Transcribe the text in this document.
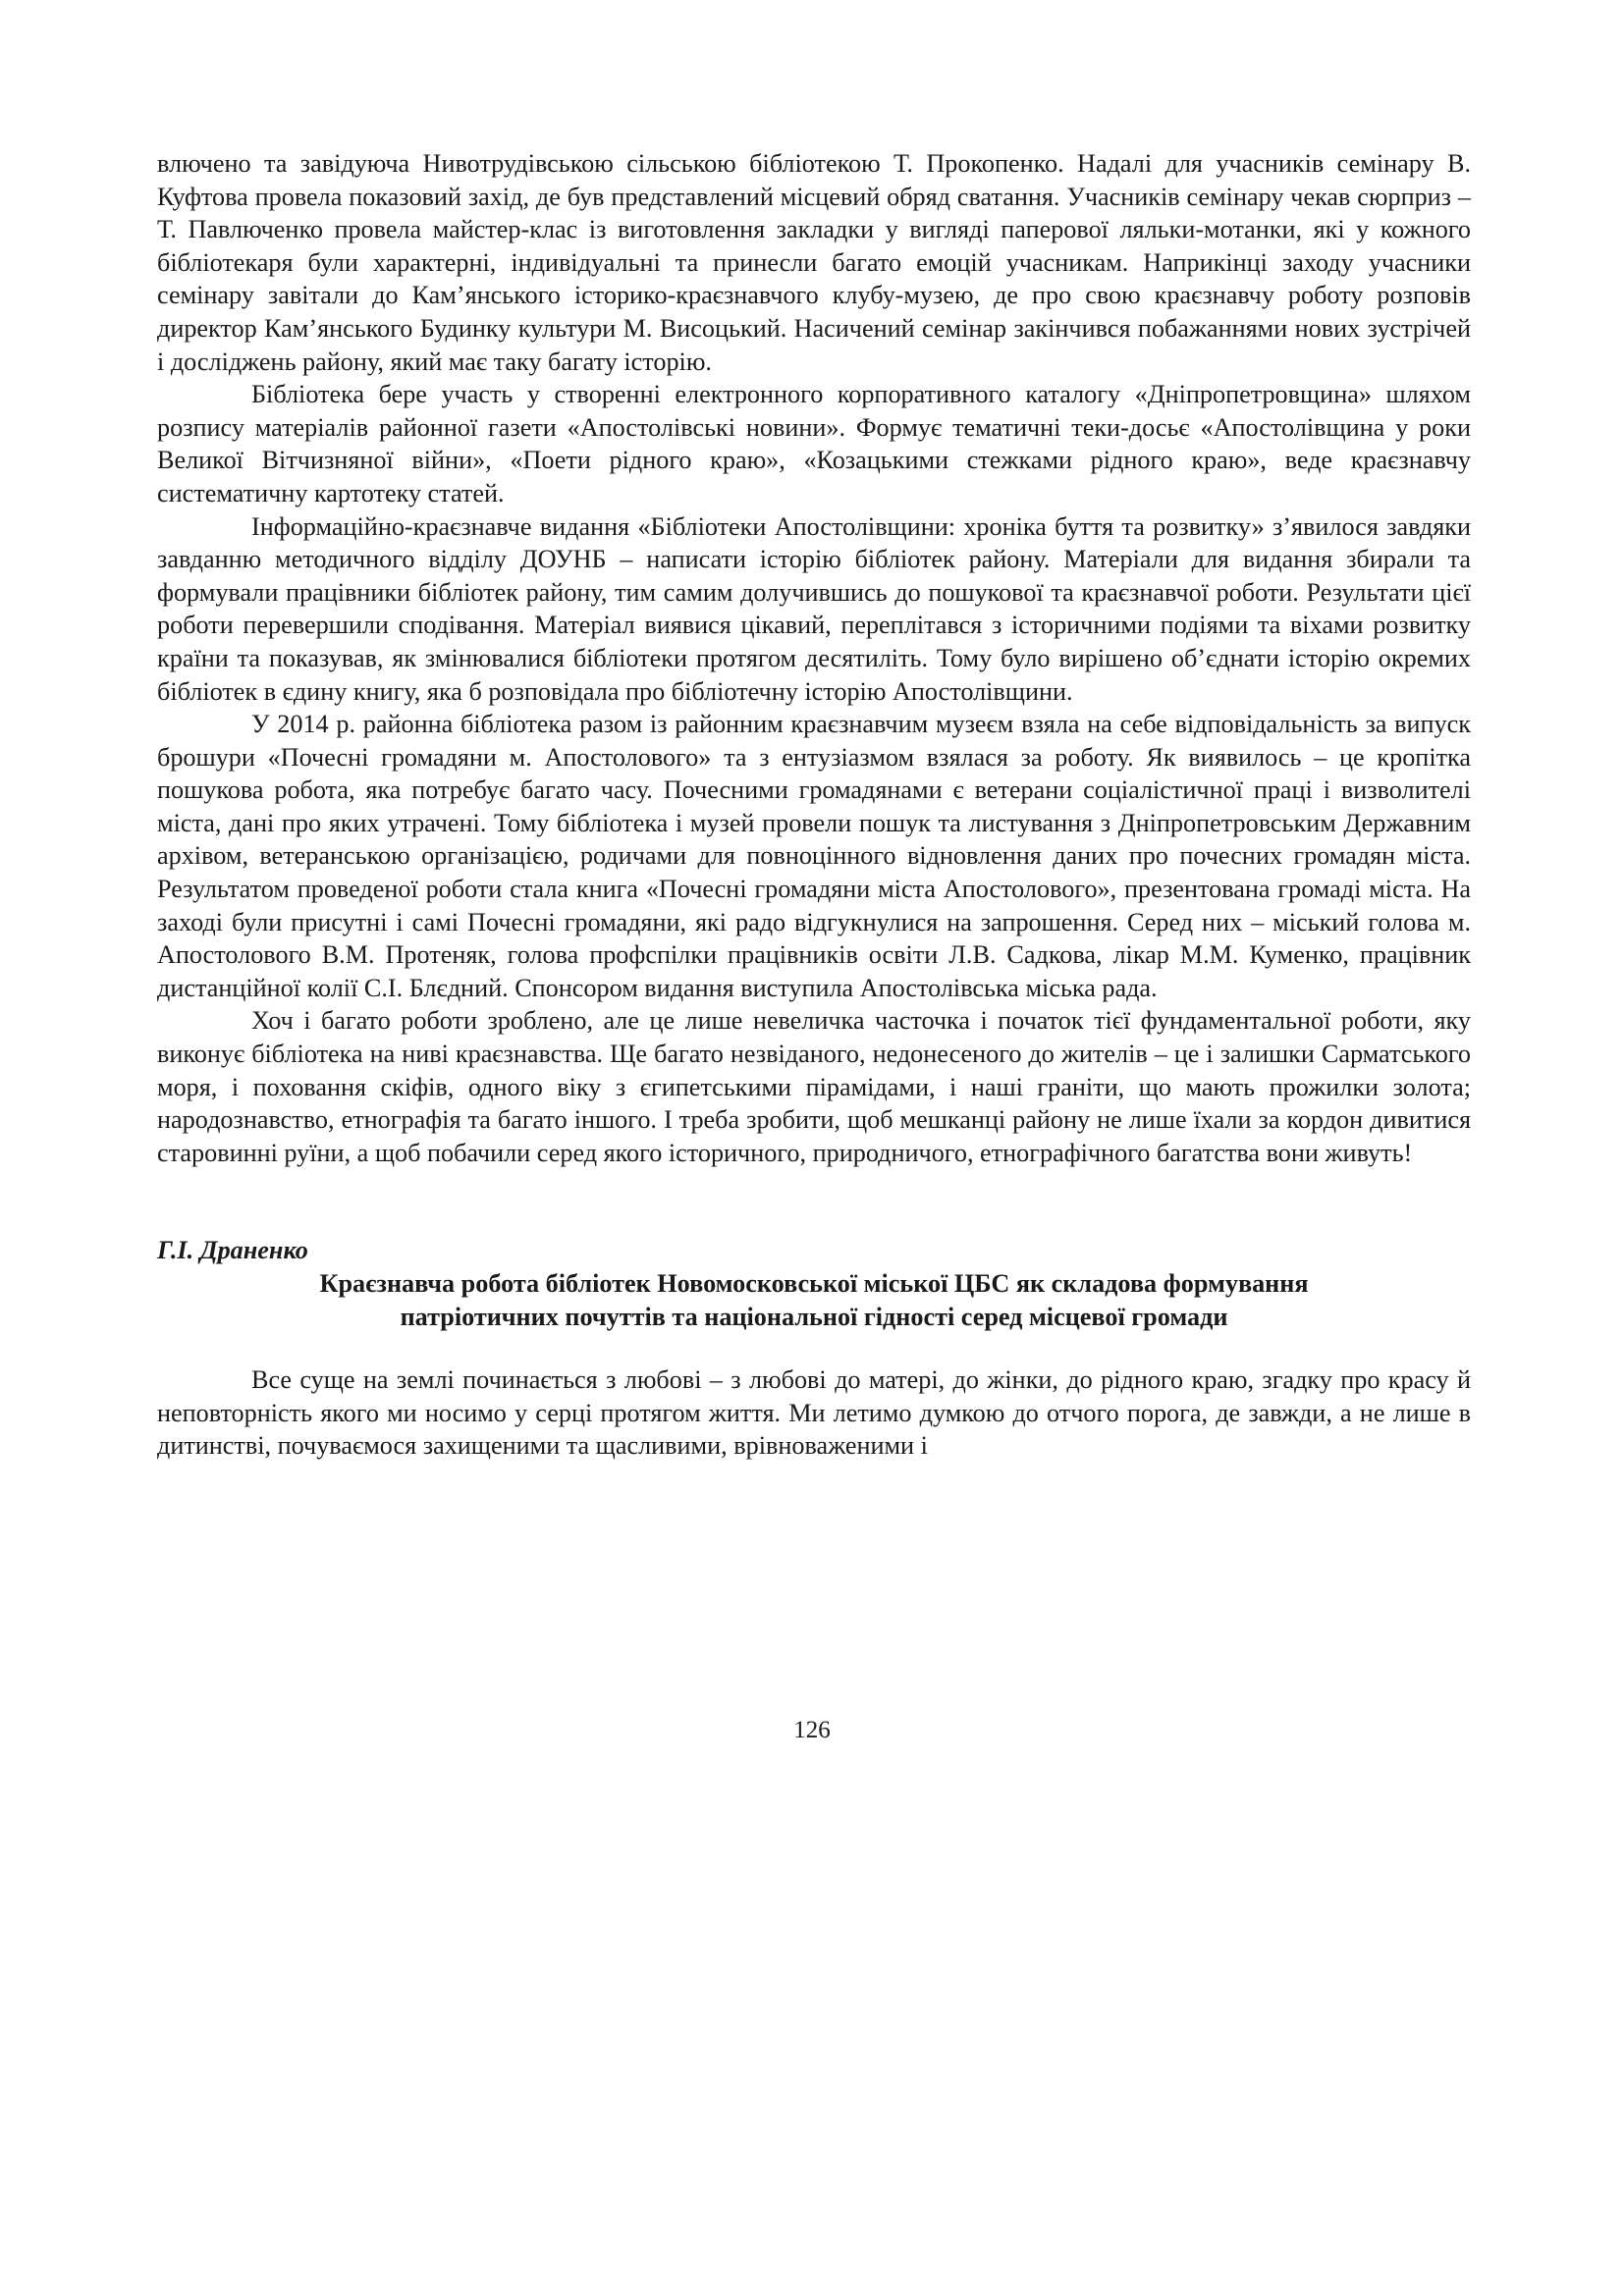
влючено та завідуюча Нивотрудівською сільською бібліотекою Т. Прокопенко. Надалі для учасників семінару В. Куфтова провела показовий захід, де був представлений місцевий обряд сватання. Учасників семінару чекав сюрприз – Т. Павлюченко провела майстер-клас із виготовлення закладки у вигляді паперової ляльки-мотанки, які у кожного бібліотекаря були характерні, індивідуальні та принесли багато емоцій учасникам. Наприкінці заходу учасники семінару завітали до Кам’янського історико-краєзнавчого клубу-музею, де про свою краєзнавчу роботу розповів директор Кам’янського Будинку культури М. Висоцький. Насичений семінар закінчився побажаннями нових зустрічей і досліджень району, який має таку багату історію.

Бібліотека бере участь у створенні електронного корпоративного каталогу «Дніпропетровщина» шляхом розпису матеріалів районної газети «Апостолівські новини». Формує тематичні теки-досьє «Апостолівщина у роки Великої Вітчизняної війни», «Поети рідного краю», «Козацькими стежками рідного краю», веде краєзнавчу систематичну картотеку статей.

Інформаційно-краєзнавче видання «Бібліотеки Апостолівщини: хроніка буття та розвитку» з’явилося завдяки завданню методичного відділу ДОУНБ – написати історію бібліотек району. Матеріали для видання збирали та формували працівники бібліотек району, тим самим долучившись до пошукової та краєзнавчої роботи. Результати цієї роботи перевершили сподівання. Матеріал виявися цікавий, переплітався з історичними подіями та віхами розвитку країни та показував, як змінювалися бібліотеки протягом десятиліть. Тому було вирішено об’єднати історію окремих бібліотек в єдину книгу, яка б розповідала про бібліотечну історію Апостолівщини.

У 2014 р. районна бібліотека разом із районним краєзнавчим музеєм взяла на себе відповідальність за випуск брошури «Почесні громадяни м. Апостолового» та з ентузіазмом взялася за роботу. Як виявилось – це кропітка пошукова робота, яка потребує багато часу. Почесними громадянами є ветерани соціалістичної праці і визволителі міста, дані про яких утрачені. Тому бібліотека і музей провели пошук та листування з Дніпропетровським Державним архівом, ветеранською організацією, родичами для повноцінного відновлення даних про почесних громадян міста. Результатом проведеної роботи стала книга «Почесні громадяни міста Апостолового», презентована громаді міста. На заході були присутні і самі Почесні громадяни, які радо відгукнулися на запрошення. Серед них – міський голова м. Апостолового В.М. Протеняк, голова профспілки працівників освіти Л.В. Садкова, лікар М.М. Куменко, працівник дистанційної колії С.І. Блєдний. Спонсором видання виступила Апостолівська міська рада.

Хоч і багато роботи зроблено, але це лише невеличка часточка і початок тієї фундаментальної роботи, яку виконує бібліотека на ниві краєзнавства. Ще багато незвіданого, недонесеного до жителів – це і залишки Сарматського моря, і поховання скіфів, одного віку з єгипетськими пірамідами, і наші граніти, що мають прожилки золота; народознавство, етнографія та багато іншого. І треба зробити, щоб мешканці району не лише їхали за кордон дивитися старовинні руїни, а щоб побачили серед якого історичного, природничого, етнографічного багатства вони живуть!

Г.І. Драненко

Краєзнавча робота бібліотек Новомосковської міської ЦБС як складова формування
патріотичних почуттів та національної гідності серед місцевої громади

Все суще на землі починається з любові – з любові до матері, до жінки, до рідного краю, згадку про красу й неповторність якого ми носимо у серці протягом життя. Ми летимо думкою до отчого порога, де завжди, а не лише в дитинстві, почуваємося захищеними та щасливими, врівноваженими і

126
